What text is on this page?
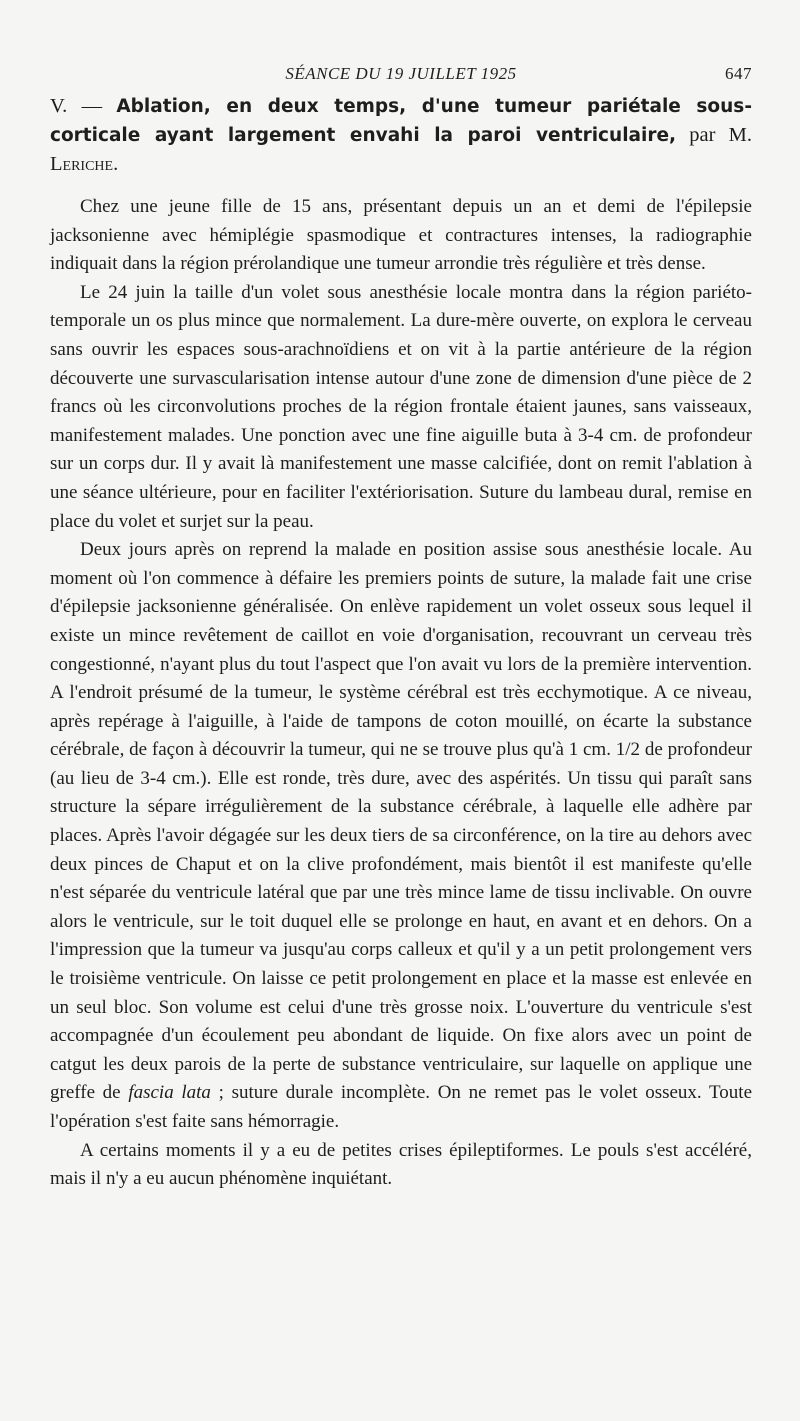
SÉANCE DU 19 JUILLET 1925	647
V. — Ablation, en deux temps, d'une tumeur pariétale sous-corticale ayant largement envahi la paroi ventriculaire, par M. Leriche.

Chez une jeune fille de 15 ans, présentant depuis un an et demi de l'épilepsie jacksonienne avec hémiplégie spasmodique et contractures intenses, la radiographie indiquait dans la région prérolandique une tumeur arrondie très régulière et très dense.

Le 24 juin la taille d'un volet sous anesthésie locale montra dans la région pariéto-temporale un os plus mince que normalement. La dure-mère ouverte, on explora le cerveau sans ouvrir les espaces sous-arachnoïdiens et on vit à la partie antérieure de la région découverte une survascularisation intense autour d'une zone de dimension d'une pièce de 2 francs où les circonvolutions proches de la région frontale étaient jaunes, sans vaisseaux, manifestement malades. Une ponction avec une fine aiguille buta à 3-4 cm. de profondeur sur un corps dur. Il y avait là manifestement une masse calcifiée, dont on remit l'ablation à une séance ultérieure, pour en faciliter l'extériorisation. Suture du lambeau dural, remise en place du volet et surjet sur la peau.

Deux jours après on reprend la malade en position assise sous anesthésie locale. Au moment où l'on commence à défaire les premiers points de suture, la malade fait une crise d'épilepsie jacksonienne généralisée. On enlève rapidement un volet osseux sous lequel il existe un mince revêtement de caillot en voie d'organisation, recouvrant un cerveau très congestionné, n'ayant plus du tout l'aspect que l'on avait vu lors de la première intervention. A l'endroit présumé de la tumeur, le système cérébral est très ecchymotique. A ce niveau, après repérage à l'aiguille, à l'aide de tampons de coton mouillé, on écarte la substance cérébrale, de façon à découvrir la tumeur, qui ne se trouve plus qu'à 1 cm. 1/2 de profondeur (au lieu de 3-4 cm.). Elle est ronde, très dure, avec des aspérités. Un tissu qui paraît sans structure la sépare irrégulièrement de la substance cérébrale, à laquelle elle adhère par places. Après l'avoir dégagée sur les deux tiers de sa circonférence, on la tire au dehors avec deux pinces de Chaput et on la clive profondément, mais bientôt il est manifeste qu'elle n'est séparée du ventricule latéral que par une très mince lame de tissu inclivable. On ouvre alors le ventricule, sur le toit duquel elle se prolonge en haut, en avant et en dehors. On a l'impression que la tumeur va jusqu'au corps calleux et qu'il y a un petit prolongement vers le troisième ventricule. On laisse ce petit prolongement en place et la masse est enlevée en un seul bloc. Son volume est celui d'une très grosse noix. L'ouverture du ventricule s'est accompagnée d'un écoulement peu abondant de liquide. On fixe alors avec un point de catgut les deux parois de la perte de substance ventriculaire, sur laquelle on applique une greffe de fascia lata ; suture durale incomplète. On ne remet pas le volet osseux. Toute l'opération s'est faite sans hémorragie.

A certains moments il y a eu de petites crises épileptiformes. Le pouls s'est accéléré, mais il n'y a eu aucun phénomène inquiétant.
